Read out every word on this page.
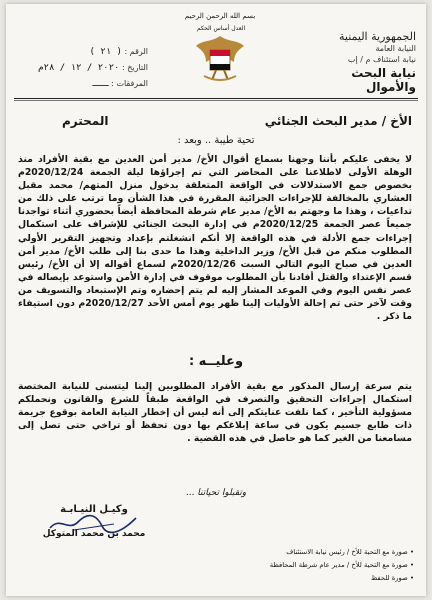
بسم الله الرحمن الرحيم
العدل أساس الحكم
الجمهورية اليمنية
النيابة العامة
نيابة استئناف م / إب
نيابة البحث والأموال
الرقم : ( ٢١ )
التاريخ : ٢٠٢٠ / ١٢ / ٢٨م
المرفقات : ـــ
الأخ / مدير البحث الجنائي
المحترم
تحية طيبة .. وبعد :

لا يخفى عليكم بأننا وجهنا بسماع أقوال الأخ/ مدير أمن العدين مع بقية الأفراد منذ الوهلة الأولى لاطلاعنا على المحاضر التي تم إجراؤها ليلة الجمعة 2020/12/24م بخصوص جمع الاستدلالات في الواقعة المتعلقة بدخول منزل المتهم/ محمد مقبل العشاري بالمخالفة للإجراءات الجزائية المقررة في هذا الشأن وما ترتب على ذلك من تداعيات ، وهذا ما وجهتم به الأخ/ مدير عام شرطة المحافظة أيضاً بحضوري أثناء تواجدنا جميعاً عصر الجمعة 2020/12/25م في إدارة البحث الجنائي للإشراف على استكمال إجراءات جمع الأدلة في هذه الواقعة إلا أنكم انشغلتم بإعداد وتجهيز التقرير الأولي المطلوب منكم من قبل الأخ/ وزير الداخلية وهذا ما حدى بنا إلى طلب الأخ/ مدير أمن العدين في صباح اليوم التالي السبت 2020/12/26م لسماع أقواله إلا أن الأخ/ رئيس قسم الإعتداء والقتل أفادنا بأن المطلوب موقوف في إدارة الأمن واستوعد بإيصاله في عصر نفس اليوم وفي الموعد المشار إليه لم يتم إحضاره وتم الإستبعاد والتسويف من وقت لآخر حتى تم إحالة الأوليات إلينا ظهر يوم أمس الأحد 2020/12/27م دون استيفاء ما ذكر .

وعليــه :

يتم سرعة إرسال المذكور مع بقية الأفراد المطلوبين إلينا ليتسنى للنيابة المختصة استكمال إجراءات التحقيق والتصرف في الواقعة طبقاً للشرع والقانون ونحملكم مسؤولية التأخير ، كما نلفت عنايتكم إلى أنه ليس أن إخطار النيابة العامة بوقوع جريمة ذات طابع جسيم يكون في ساعة إبلاغكم بها دون تحفظ أو تراخي حتى تصل إلى مسامعنا من الغير كما هو حاصل في هذه القضية .

وتقبلوا تحياتنا ...
وكيـل النيـابـة
محمد بن محمد المتوكل
• صورة مع التحية للأخ / رئيس نيابة الاستئناف
• صورة مع التحية للأخ / مدير عام شرطة المحافظة
• صورة للحفظ
